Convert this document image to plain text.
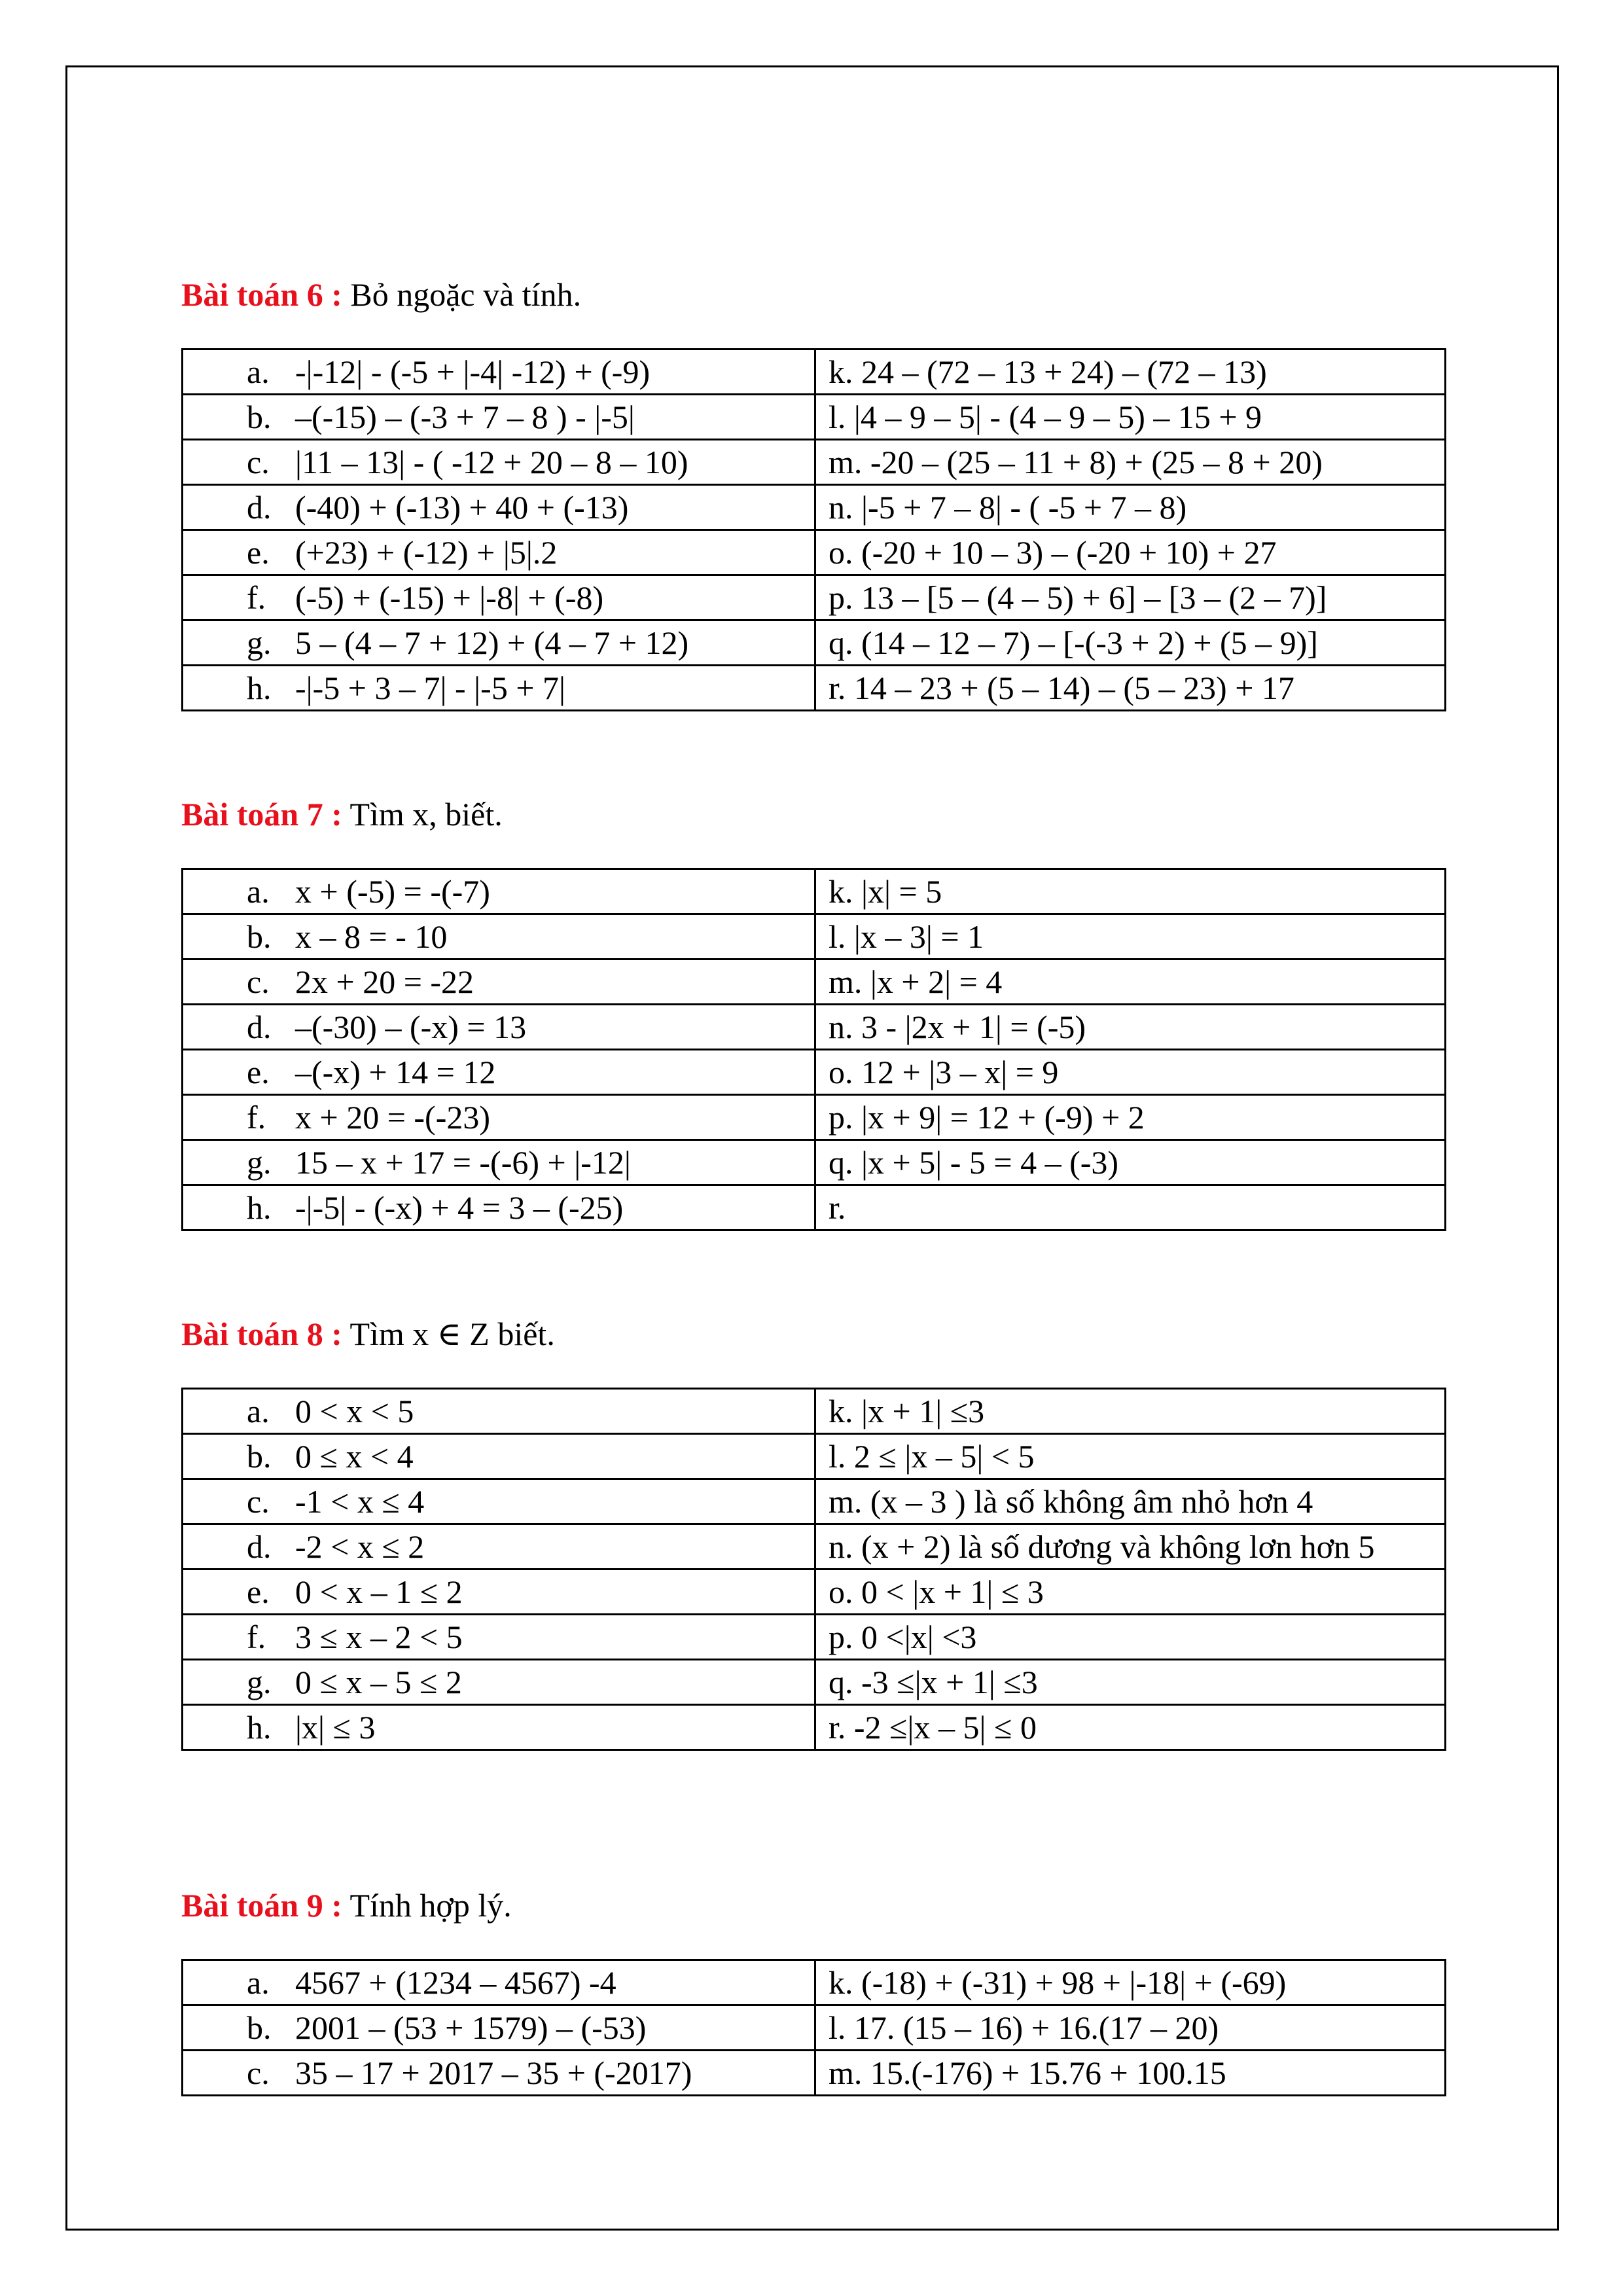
Bài toán 6 : Bỏ ngoặc và tính.
a. -|-12| - (-5 + |-4| -12) + (-9)	k. 24 – (72 – 13 + 24) – (72 – 13)

b. –(-15) – (-3 + 7 – 8 ) - |-5|	l. |4 – 9 – 5| - (4 – 9 – 5) – 15 + 9

c. |11 – 13| - ( -12 + 20 – 8 – 10)	m. -20 – (25 – 11 + 8) + (25 – 8 + 20)

d. (-40) + (-13) + 40 + (-13)	n. |-5 + 7 – 8| - ( -5 + 7 – 8)

e. (+23) + (-12) + |5|.2	o. (-20 + 10 – 3) – (-20 + 10) + 27

f. (-5) + (-15) + |-8| + (-8)	p. 13 – [5 – (4 – 5) + 6] – [3 – (2 – 7)]

g. 5 – (4 – 7 + 12) + (4 – 7 + 12)	q. (14 – 12 – 7) – [-(-3 + 2) + (5 – 9)]

h. -|-5 + 3 – 7| - |-5 + 7|	r. 14 – 23 + (5 – 14) – (5 – 23) + 17
Bài toán 7 : Tìm x, biết.
a. x + (-5) = -(-7)	k. |x| = 5

b. x – 8 = - 10	l. |x – 3| = 1

c. 2x + 20 = -22	m. |x + 2| = 4

d. –(-30) – (-x) = 13	n. 3 - |2x + 1| = (-5)

e. –(-x) + 14 = 12	o. 12 + |3 – x| = 9

f. x + 20 = -(-23)	p. |x + 9| = 12 + (-9) + 2

g. 15 – x + 17 = -(-6) + |-12|	q. |x + 5| - 5 = 4 – (-3)

h. -|-5| - (-x) + 4 = 3 – (-25)	r.
Bài toán 8 : Tìm x ∈ Z biết.
a. 0 < x < 5	k. |x + 1| ≤3

b. 0 ≤ x < 4	l. 2 ≤ |x – 5| < 5

c. -1 < x ≤ 4	m. (x – 3 ) là số không âm nhỏ hơn 4

d. -2 < x ≤ 2	n. (x + 2) là số dương và không lơn hơn 5

e. 0 < x – 1 ≤ 2	o. 0 < |x + 1| ≤ 3

f. 3 ≤ x – 2 < 5	p. 0 <|x| <3

g. 0 ≤ x – 5 ≤ 2	q. -3 ≤|x + 1| ≤3

h. |x| ≤ 3	r. -2 ≤|x – 5| ≤ 0
Bài toán 9 : Tính hợp lý.
a. 4567 + (1234 – 4567) -4	k. (-18) + (-31) + 98 + |-18| + (-69)

b. 2001 – (53 + 1579) – (-53)	l. 17. (15 – 16) + 16.(17 – 20)

c. 35 – 17 + 2017 – 35 + (-2017)	m. 15.(-176) + 15.76 + 100.15
